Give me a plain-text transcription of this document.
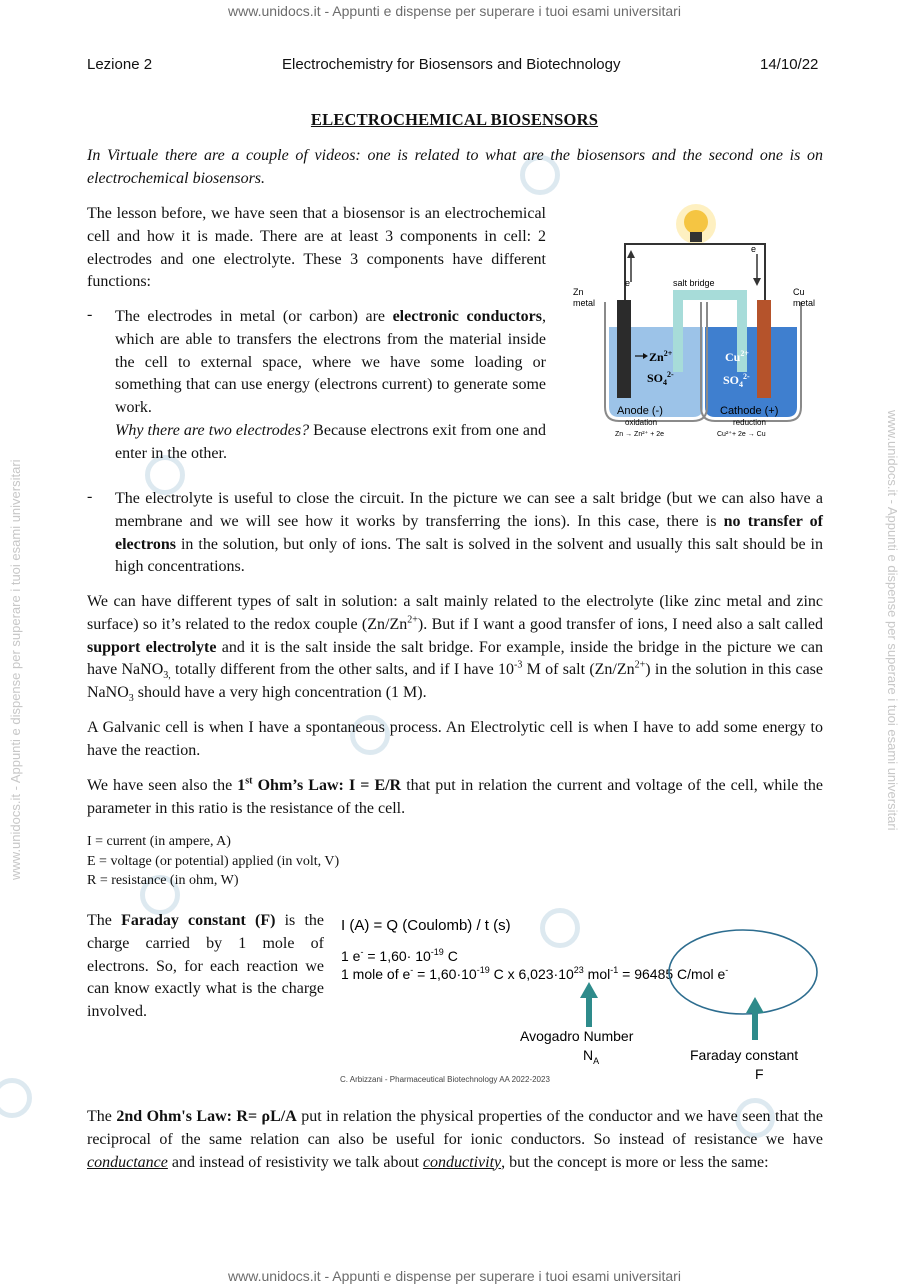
www.unidocs.it - Appunti e dispense per superare i tuoi esami universitari
www.unidocs.it - Appunti e dispense per superare i tuoi esami universitari
www.unidocs.it - Appunti e dispense per superare i tuoi esami universitari	www.unidocs.it - Appunti e dispense per superare i tuoi esami universitari
Lezione 2	Electrochemistry for Biosensors and Biotechnology	14/10/22
ELECTROCHEMICAL BIOSENSORS
In Virtuale there are a couple of videos: one is related to what are the biosensors and the second one is on electrochemical biosensors.
The lesson before, we have seen that a biosensor is an electrochemical cell and how it is made. There are at least 3 components in cell: 2 electrodes and one electrolyte. These 3 components have different functions:
- The electrodes in metal (or carbon) are electronic conductors, which are able to transfers the electrons from the material inside the cell to external space, where we have some loading or something that can use energy (electrons current) to generate some work.
Why there are two electrodes? Because electrons exit from one and enter in the other.
e
e
salt bridge
Zn
metal
Cu
metal
$Zn^{2+}$
$SO_4^{2-}$
$Cu^{2+}$
$SO_4^{2-}$
Anode (-)
oxidation
Zn → Zn²⁺ + 2e
Cathode (+)
reduction
Cu²⁺+ 2e → Cu
- The electrolyte is useful to close the circuit. In the picture we can see a salt bridge (but we can also have a membrane and we will see how it works by transferring the ions). In this case, there is no transfer of electrons in the solution, but only of ions. The salt is solved in the solvent and usually this salt should be in high concentrations.
We can have different types of salt in solution: a salt mainly related to the electrolyte (like zinc metal and zinc surface) so it’s related to the redox couple $(Zn/Zn^{2+})$. But if I want a good transfer of ions, I need also a salt called support electrolyte and it is the salt inside the salt bridge. For example, inside the bridge in the picture we can have NaNO$_{3,}$ totally different from the other salts, and if I have $10^{-3}$ M of salt $(Zn/Zn^{2+})$ in the solution in this case NaNO$_3$ should have a very high concentration (1 M).
A Galvanic cell is when I have a spontaneous process. An Electrolytic cell is when I have to add some energy to have the reaction.
We have seen also the 1st Ohm’s Law: I = E/R that put in relation the current and voltage of the cell, while the parameter in this ratio is the resistance of the cell.
I = current (in ampere, A)
E = voltage (or potential) applied (in volt, V)
R = resistance (in ohm, W)
The Faraday constant (F) is the charge carried by 1 mole of electrons. So, for each reaction we can know exactly what is the charge involved.
I (A) = Q (Coulomb) / t (s)
1 $e^- = 1,60\cdot 10^{-19}$ C
1 mole of $e^- = 1,60\cdot 10^{-19}$ C x $6,023\cdot 10^{23}$ mol$^{-1}$ = 96485 C/mol e-
Avogadro Number
$N_A$	Faraday constant
F
C. Arbizzani - Pharmaceutical Biotechnology AA 2022-2023
The 2nd Ohm's Law: R= ρL/A put in relation the physical properties of the conductor and we have seen that the reciprocal of the same relation can also be useful for ionic conductors. So instead of resistance we have conductance and instead of resistivity we talk about conductivity, but the concept is more or less the same:
